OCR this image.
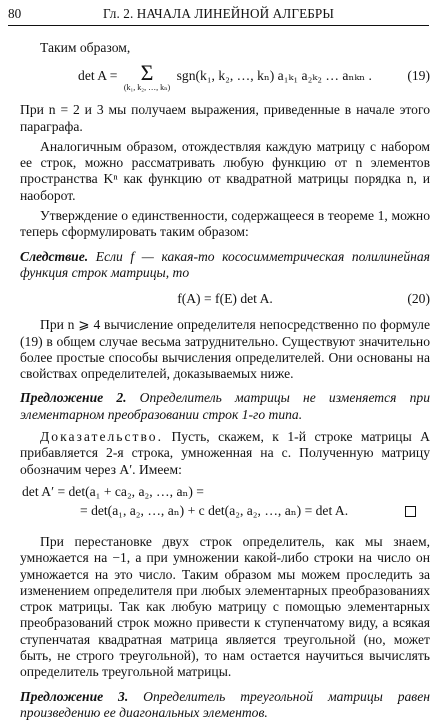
80	Гл. 2. НАЧАЛА ЛИНЕЙНОЙ АЛГЕБРЫ

Таким образом,

det A =	Σ
(k₁, k₂, …, kₙ)
sgn(k₁, k₂, …, kₙ) a₁ₖ₁ a₂ₖ₂ … aₙₖₙ .	(19)

При n = 2 и 3 мы получаем выражения, приведенные в начале этого параграфа.

Аналогичным образом, отождествляя каждую матрицу с набором ее строк, можно рассматривать любую функцию от n элементов пространства Kⁿ как функцию от квадратной матрицы порядка n, и наоборот.

Утверждение о единственности, содержащееся в теореме 1, можно теперь сформулировать таким образом:

Следствие. Если f — какая-то кососимметрическая полилинейная функция строк матрицы, то

f(A) = f(E) det A.	(20)

При n ⩾ 4 вычисление определителя непосредственно по формуле (19) в общем случае весьма затруднительно. Существуют значительно более простые способы вычисления определителей. Они основаны на свойствах определителей, доказываемых ниже.

Предложение 2. Определитель матрицы не изменяется при элементарном преобразовании строк 1-го типа.

Доказательство. Пусть, скажем, к 1-й строке матрицы A прибавляется 2-я строка, умноженная на c. Полученную матрицу обозначим через A′. Имеем:

det A′ = det(a₁ + ca₂, a₂, …, aₙ) =
= det(a₁, a₂, …, aₙ) + c det(a₂, a₂, …, aₙ) = det A.

При перестановке двух строк определитель, как мы знаем, умножается на −1, а при умножении какой-либо строки на число он умножается на это число. Таким образом мы можем проследить за изменением определителя при любых элементарных преобразованиях строк матрицы. Так как любую матрицу с помощью элементарных преобразований строк можно привести к ступенчатому виду, а всякая ступенчатая квадратная матрица является треугольной (но, может быть, не строго треугольной), то нам остается научиться вычислять определитель треугольной матрицы.

Предложение 3. Определитель треугольной матрицы равен произведению ее диагональных элементов.
